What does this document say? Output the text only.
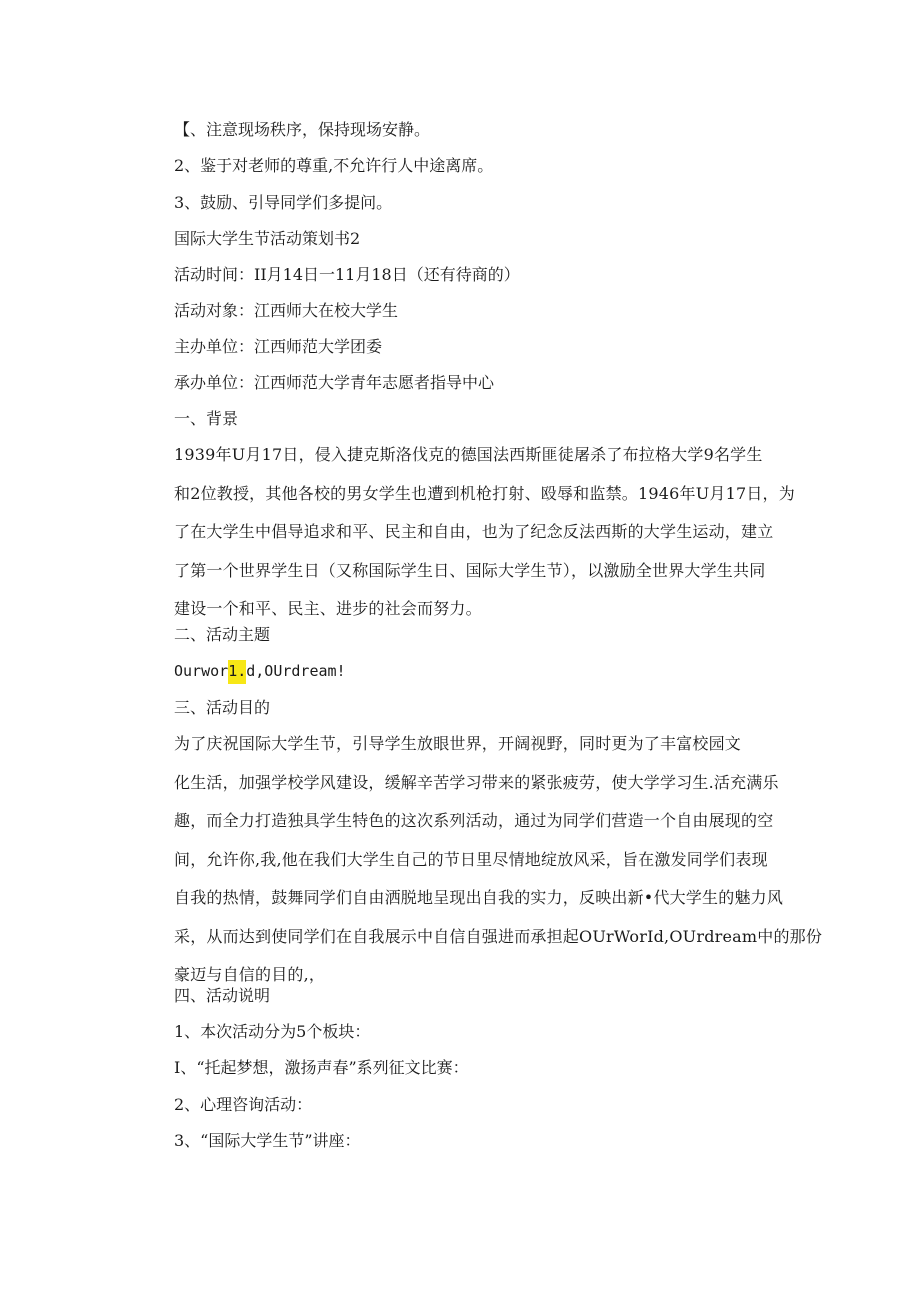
【、注意现场秩序，保持现场安静。
2、鉴于对老师的尊重,不允许行人中途离席。
3、鼓励、引导同学们多提问。
国际大学生节活动策划书2
活动时间：II月14日一11月18日（还有待商的）
活动对象：江西师大在校大学生
主办单位：江西师范大学团委
承办单位：江西师范大学青年志愿者指导中心
一、背景
1939年U月17日，侵入捷克斯洛伐克的德国法西斯匪徒屠杀了布拉格大学9名学生
和2位教授，其他各校的男女学生也遭到机枪打射、殴辱和监禁。1946年U月17日，为
了在大学生中倡导追求和平、民主和自由，也为了纪念反法西斯的大学生运动，建立
了第一个世界学生日（又称国际学生日、国际大学生节），以激励全世界大学生共同
建设一个和平、民主、进步的社会而努力。
二、活动主题
Ourwor1.d,OUrdream!
三、活动目的
为了庆祝国际大学生节，引导学生放眼世界，开阔视野，同时更为了丰富校园文
化生活，加强学校学风建设，缓解辛苦学习带来的紧张疲劳，使大学学习生.活充满乐
趣，而全力打造独具学生特色的这次系列活动，通过为同学们营造一个自由展现的空
间，允许你,我,他在我们大学生自己的节日里尽情地绽放风采，旨在激发同学们表现
自我的热情，鼓舞同学们自由洒脱地呈现出自我的实力，反映出新•代大学生的魅力风
采，从而达到使同学们在自我展示中自信自强进而承担起OUrWorId,OUrdream中的那份
豪迈与自信的目的,，
四、活动说明
1、本次活动分为5个板块：
I、“托起梦想，激扬声春”系列征文比赛：
2、心理咨询活动：
3、“国际大学生节”讲座：
